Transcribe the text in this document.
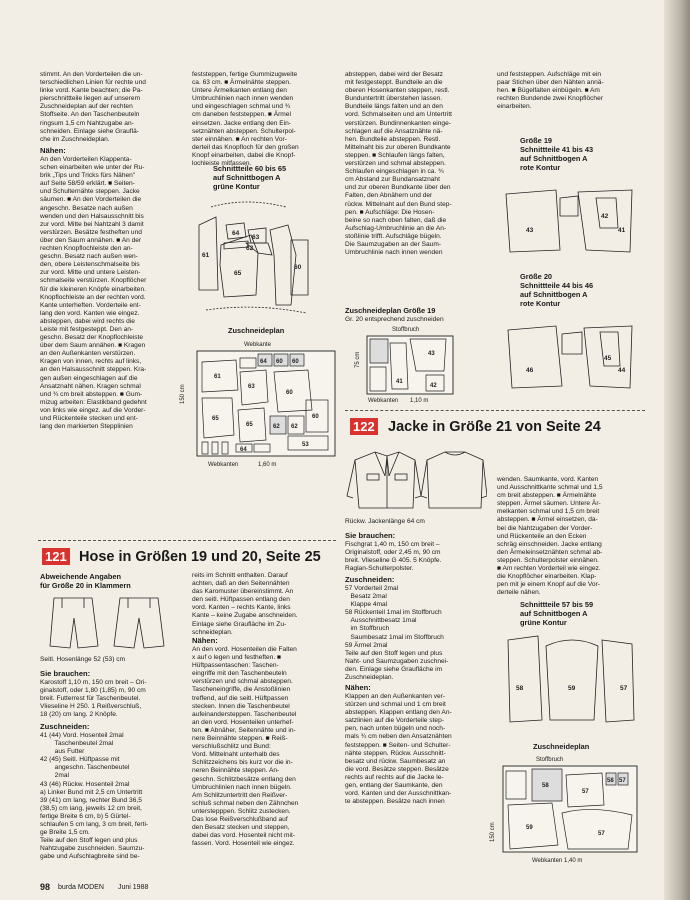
stimmt. An den Vorderteilen die un-
terschiedlichen Linien für rechte und
linke vord. Kante beachten; die Pa-
pierschnittteile liegen auf unserem
Zuschneideplan auf der rechten
Stoffseite. An den Taschenbeuteln
ringsum 1,5 cm Nahtzugabe an-
schneiden. Einlage siehe Grauflä-
che im Zuschneideplan.
Nähen:
An den Vorderteilen Klappenta-
schen einarbeiten wie unter der Ru-
brik „Tips und Tricks fürs Nähen"
auf Seite 58/59 erklärt. ■ Seiten-
und Schulternähte steppen. Jacke
säumen. ■ An den Vorderteilen die
angeschn. Besatze nach außen
wenden und den Halsausschnitt bis
zur vord. Mitte bei Nahtzahl 3 damit
verstürzen. Besätze festheften und
über den Saum annähen. ■ An der
rechten Knopflochleiste den an-
geschn. Besatz nach außen wen-
den, obere Leistenschmalseite bis
zur vord. Mitte und untere Leisten-
schmalseite verstürzen. Knopflöcher
für die kleineren Knöpfe einarbeiten.
Knopflochleiste an der rechten vord.
Kante unterheften. Vorderteile ent-
lang den vord. Kanten wie eingez.
absteppen, dabei wird rechts die
Leiste mit festgesteppt. Den an-
geschn. Besatz der Knopflochleiste
über dem Saum annähen. ■ Kragen
an den Außenkanten verstürzen.
Kragen von innen, rechts auf links,
an den Halsausschnitt steppen. Kra-
gen außen eingeschlagen auf die
Ansatznaht nähen. Kragen schmal
und ¾ cm breit absteppen. ■ Gum-
mizug arbeiten: Elastikband gedehnt
von links wie eingez. auf die Vorder-
und Rückenteile stecken und ent-
lang den markierten Stepplinien
feststeppen, fertige Gummizugweite
ca. 63 cm. ■ Ärmelnähte steppen.
Untere Ärmelkanten entlang den
Umbruchlinien nach innen wenden
und eingeschlagen schmal und ¾
cm daneben feststeppen. ■ Ärmel
einsetzen. Jacke entlang den Ein-
setznähten absteppen. Schulterpol-
ster einnähen. ■ An rechten Vor-
derteil das Knopfloch für den großen
Knopf einarbeiten, dabei die Knopf-
lochleiste mitfassen.
Schnittteile 60 bis 65
auf Schnittbogen A
grüne Kontur
61
62
64
63
65
60
Zuschneideplan
Webkante
150 cm
64 60 60
61
63
60
65
65	62 62
60
53
64
Webkanten	1,60 m
absteppen, dabei wird der Besatz
mit festgesteppt. Bundteile an die
oberen Hosenkanten steppen, restl.
Bunduntertritt überstehen lassen.
Bundteile längs falten und an den
vord. Schmalseiten und am Untertritt
verstürzen. Bundinnenkanten einge-
schlagen auf die Ansatznähte nä-
hen. Bundteile absteppen. Restl.
Mittelnaht bis zur oberen Bundkante
steppen. ■ Schlaufen längs falten,
verstürzen und schmal absteppen.
Schlaufen eingeschlagen in ca. ¾
cm Abstand zur Bundansatznaht
und zur oberen Bundkante über den
Falten, den Abnähern und der
rückw. Mittelnaht auf den Bund step-
pen. ■ Aufschläge: Die Hosen-
beine so nach oben falten, daß die
Aufschlag-Umbruchlinie an die An-
stoßlinie trifft. Aufschläge bügeln.
Die Saumzugaben an der Saum-
Umbruchlinie nach innen wenden
Zuschneideplan Größe 19
Gr. 20 entsprechend zuschneiden
Stoffbruch
75 cm	43
41
42
Webkanten 1,10 m
und feststeppen. Aufschläge mit ein
paar Stichen über den Nähten annä-
hen. ■ Bügelfalten einbügeln. ■ Am
rechten Bundende zwei Knopflöcher
einarbeiten.
Größe 19
Schnittteile 41 bis 43
auf Schnittbogen A
rote Kontur
43
42
41
Größe 20
Schnittteile 44 bis 46
auf Schnittbogen A
rote Kontur
46
45
44
122 Jacke in Größe 21 von Seite 24
Rückw. Jackenlänge 64 cm
Sie brauchen:
Fischgrat 1,40 m, 150 cm breit –
Originalstoff, oder 2,45 m, 90 cm
breit. Vlieseline G 405. 5 Knöpfe.
Raglan-Schulterpolster.
Zuschneiden:
57 Vorderteil 2mal
Besatz 2mal
Klappe 4mal
58 Rückenteil 1mal im Stoffbruch
Ausschnittbesatz 1mal
im Stoffbruch
Saumbesatz 1mal im Stoffbruch
59 Ärmel 2mal
Teile auf den Stoff legen und plus
Naht- und Saumzugaben zuschnei-
den. Einlage siehe Graufläche im
Zuschneideplan.
Nähen:
Klappen an den Außenkanten ver-
stürzen und schmal und 1 cm breit
absteppen. Klappen entlang den An-
satzlinien auf die Vorderteile step-
pen, nach unten bügeln und noch-
mals ¾ cm neben den Ansatznähten
feststeppen. ■ Seiten- und Schulter-
nähte steppen. Rückw. Ausschnitt-
besatz und rückw. Saumbesatz an
die vord. Besätze steppen. Besätze
rechts auf rechts auf die Jacke le-
gen, entlang der Saumkante, den
vord. Kanten und der Ausschnittkan-
te absteppen. Besätze nach innen
wenden. Saumkante, vord. Kanten
und Ausschnittkante schmal und 1,5
cm breit absteppen. ■ Ärmelnähte
steppen. Ärmel säumen. Untere Är-
melkanten schmal und 1,5 cm breit
absteppen. ■ Ärmel einsetzen, da-
bei die Nahtzugaben der Vorder-
und Rückenteile an den Ecken
schräg einschneiden. Jacke entlang
den Ärmeleinsetznähten schmal ab-
steppen. Schulterpolster einnähen.
■ Am rechten Vorderteil wie eingez.
die Knopflöcher einarbeiten. Klap-
pen mit je einem Knopf auf die Vor-
derteile nähen.
Schnittteile 57 bis 59
auf Schnittbogen A
grüne Kontur
58	59	57
Zuschneideplan
Stoffbruch
150 cm
58
57
58 57
59
57
Webkanten 1,40 m
121 Hose in Größen 19 und 20, Seite 25
Abweichende Angaben
für Größe 20 in Klammern
Seitl. Hosenlänge 52 (53) cm
Sie brauchen:
Karostoff 1,10 m, 150 cm breit – Ori-
ginalstoff, oder 1,80 (1,85) m, 90 cm
breit. Futterrest für Taschenbeutel.
Vlieseline H 250. 1 Reißverschluß,
18 (20) cm lang. 2 Knöpfe.
Zuschneiden:
41 (44) Vord. Hosenteil 2mal
Taschenbeutel 2mal
aus Futter
42 (45) Seitl. Hüftpasse mit
angeschn. Taschenbeutel
2mal
43 (46) Rückw. Hosenteil 2mal
a) Linker Bund mit 2,5 cm Untertritt
39 (41) cm lang, rechter Bund 36,5
(38,5) cm lang, jeweils 12 cm breit,
fertige Breite 6 cm, b) 5 Gürtel-
schlaufen 5 cm lang, 3 cm breit, ferti-
ge Breite 1,5 cm.
Teile auf den Stoff legen und plus
Nahtzugabe zuschneiden. Saumzu-
gabe und Aufschlagbreite sind be-
reits im Schnitt enthalten. Darauf
achten, daß an den Seitennähten
das Karomuster übereinstimmt. An
den seitl. Hüftpassen entlang den
vord. Kanten – rechts Kante, links
Kante – keine Zugabe anschneiden.
Einlage siehe Graufläche im Zu-
schneideplan.
Nähen:
An den vord. Hosenteilen die Falten
x auf o legen und festheften. ■
Hüftpassentaschen: Taschen-
eingriffe mit den Taschenbeuteln
verstürzen und schmal absteppen.
Tascheneingriffe, die Anstoßlinien
treffend, auf die seitl. Hüftpassen
stecken. Innen die Taschenbeutel
aufeinandersteppen. Taschenbeutel
an den vord. Hosenteilen unterhef-
ten. ■ Abnäher, Seitennähte und in-
nere Beinnähte steppen. ■ Reiß-
verschlußschlitz und Bund:
Vord. Mittelnaht unterhalb des
Schlitzzeichens bis kurz vor die in-
neren Beinnähte steppen. An-
geschn. Schlitzbesätze entlang den
Umbruchlinien nach innen bügeln.
Am Schlitzuntertritt den Reißver-
schluß schmal neben den Zähnchen
unterstepppen. Schlitz zustecken.
Das lose Reißverschlußband auf
den Besatz stecken und steppen,
dabei das vord. Hosenteil nicht mit-
fassen. Vord. Hosenteil wie eingez.
98 burda MODEN Juni 1988
